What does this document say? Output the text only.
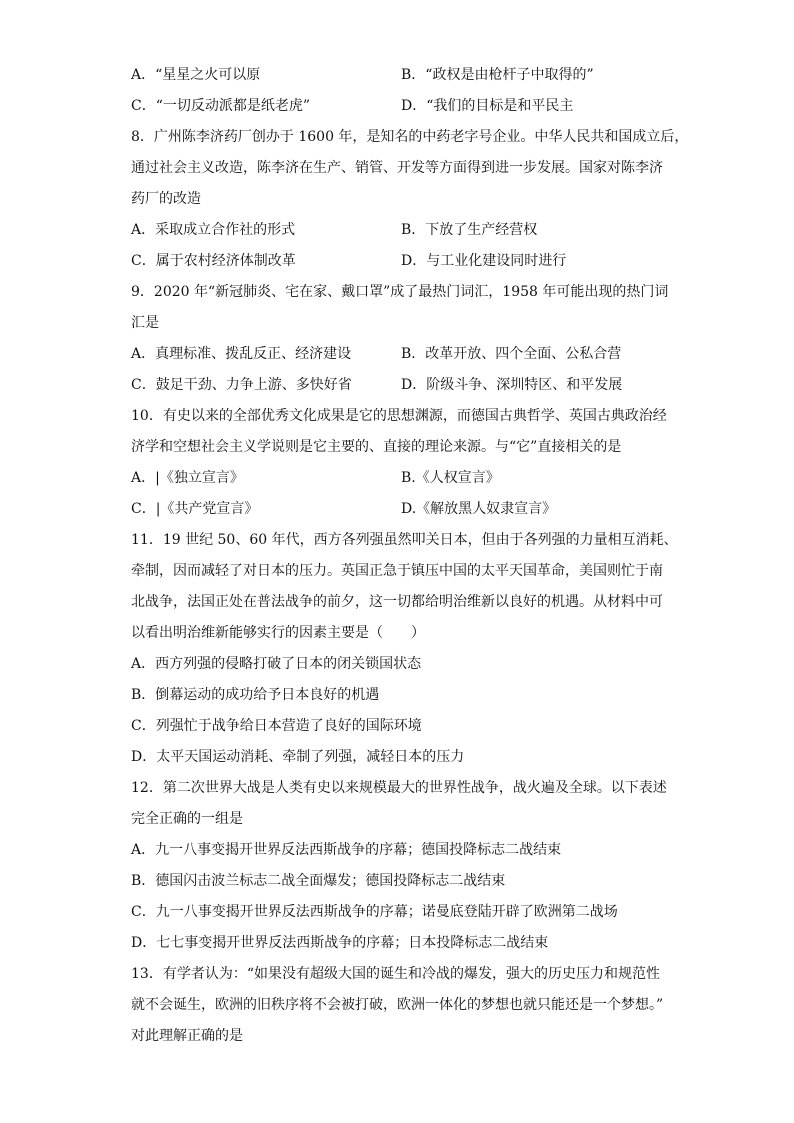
A．“星星之火可以原	B．“政权是由枪杆子中取得的”
C．“一切反动派都是纸老虎”	D．“我们的目标是和平民主
8．广州陈李济药厂创办于 1600 年，是知名的中药老字号企业。中华人民共和国成立后，
通过社会主义改造，陈李济在生产、销管、开发等方面得到进一步发展。国家对陈李济
药厂的改造
A．采取成立合作社的形式	B．下放了生产经营权
C．属于农村经济体制改革	D．与工业化建设同时进行
9．2020 年“新冠肺炎、宅在家、戴口罩”成了最热门词汇，1958 年可能出现的热门词
汇是
A．真理标准、拨乱反正、经济建设	B．改革开放、四个全面、公私合营
C．鼓足干劲、力争上游、多快好省	D．阶级斗争、深圳特区、和平发展
10．有史以来的全部优秀文化成果是它的思想渊源，而德国古典哲学、英国古典政治经
济学和空想社会主义学说则是它主要的、直接的理论来源。与“它”直接相关的是
A．|《独立宣言》	B.《人权宣言》
C．|《共产党宣言》	D.《解放黑人奴隶宣言》
11．19 世纪 50、60 年代，西方各列强虽然叩关日本，但由于各列强的力量相互消耗、
牵制，因而减轻了对日本的压力。英国正急于镇压中国的太平天国革命，美国则忙于南
北战争，法国正处在普法战争的前夕，这一切都给明治维新以良好的机遇。从材料中可
以看出明治维新能够实行的因素主要是（　　）
A．西方列强的侵略打破了日本的闭关锁国状态
B．倒幕运动的成功给予日本良好的机遇
C．列强忙于战争给日本营造了良好的国际环境
D．太平天国运动消耗、牵制了列强，减轻日本的压力
12．第二次世界大战是人类有史以来规模最大的世界性战争，战火遍及全球。以下表述
完全正确的一组是
A．九一八事变揭开世界反法西斯战争的序幕；德国投降标志二战结束
B．德国闪击波兰标志二战全面爆发；德国投降标志二战结束
C．九一八事变揭开世界反法西斯战争的序幕；诺曼底登陆开辟了欧洲第二战场
D．七七事变揭开世界反法西斯战争的序幕；日本投降标志二战结束
13．有学者认为：“如果没有超级大国的诞生和冷战的爆发，强大的历史压力和规范性
就不会诞生，欧洲的旧秩序将不会被打破，欧洲一体化的梦想也就只能还是一个梦想。”
对此理解正确的是
